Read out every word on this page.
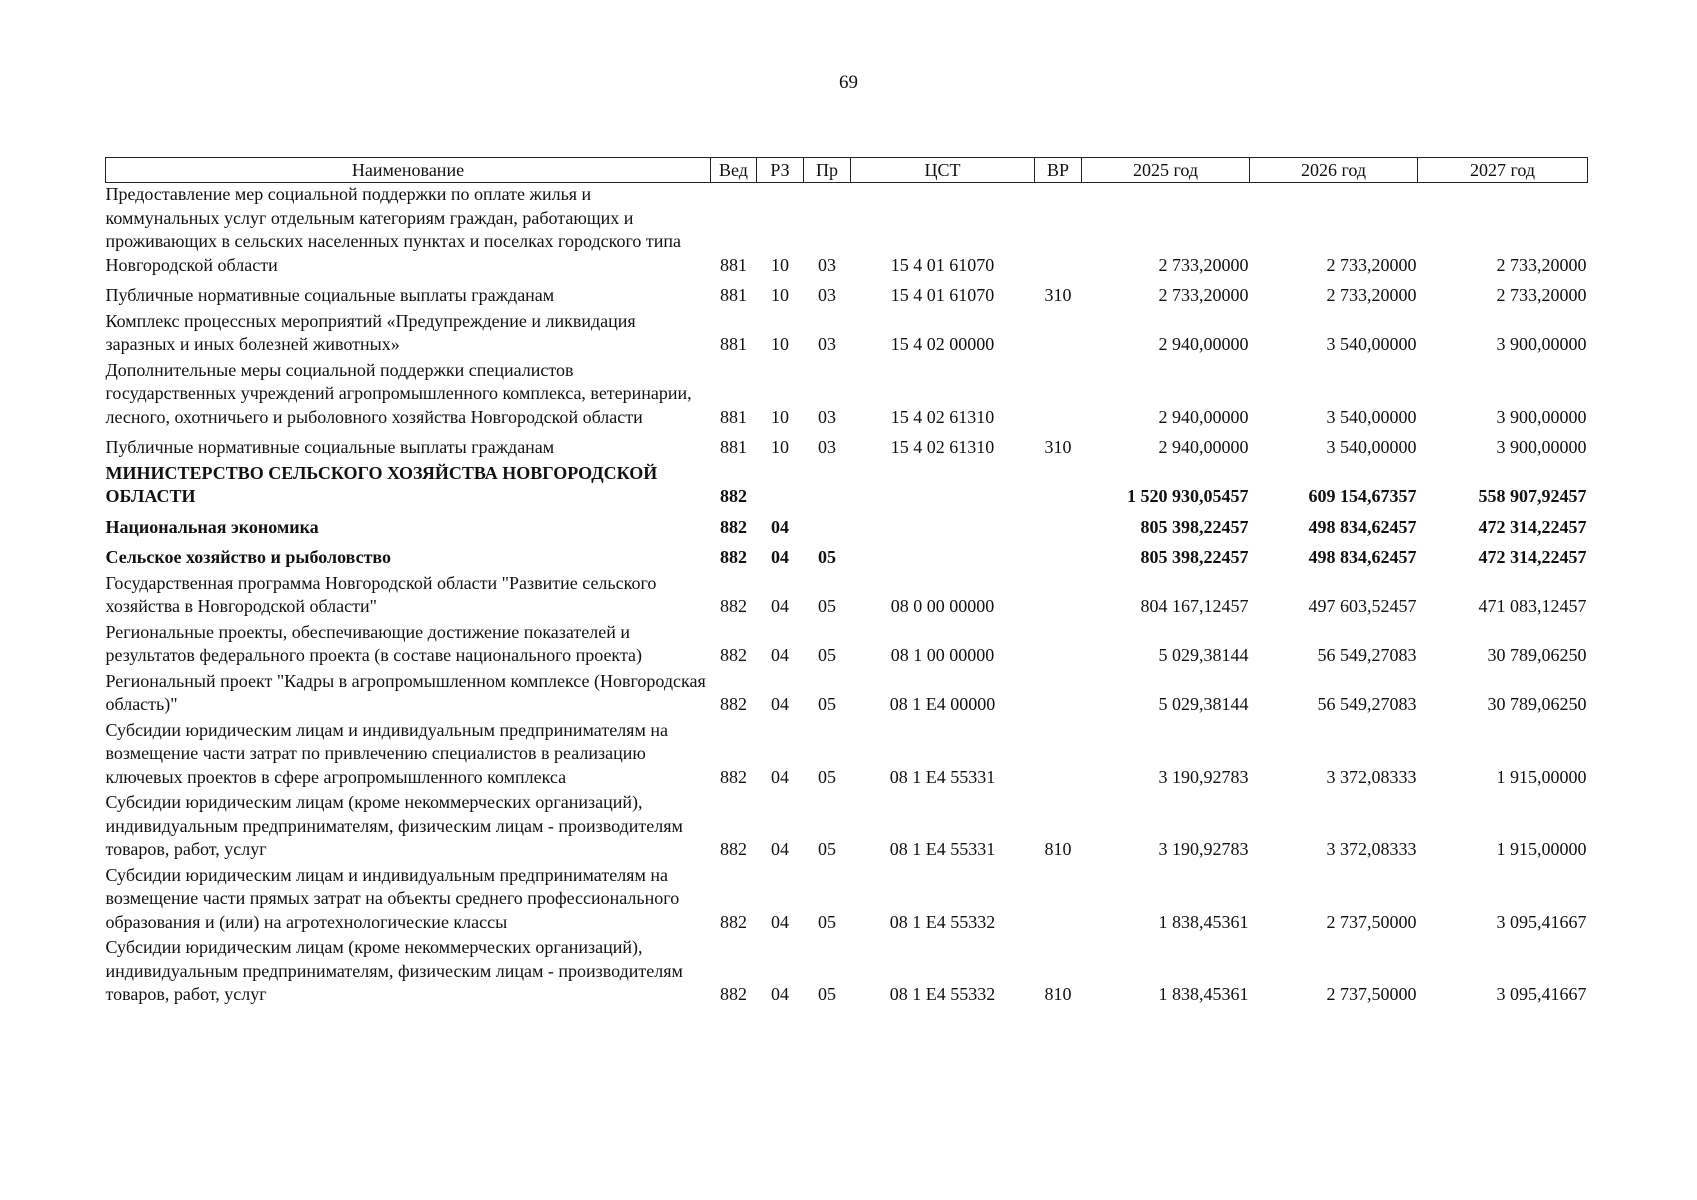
69
Наименование	Вед	РЗ	Пр	ЦСТ	ВР	2025 год	2026 год	2027 год
Предоставление мер социальной поддержки по оплате жилья и коммунальных услуг отдельным категориям граждан, работающих и проживающих в сельских населенных пунктах и поселках городского типа Новгородской области	881	10	03	15 4 01 61070		2 733,20000	2 733,20000	2 733,20000
Публичные нормативные социальные выплаты гражданам	881	10	03	15 4 01 61070	310	2 733,20000	2 733,20000	2 733,20000
Комплекс процессных мероприятий «Предупреждение и ликвидация заразных и иных болезней животных»	881	10	03	15 4 02 00000		2 940,00000	3 540,00000	3 900,00000
Дополнительные меры социальной поддержки специалистов государственных учреждений агропромышленного комплекса, ветеринарии, лесного, охотничьего и рыболовного хозяйства Новгородской области	881	10	03	15 4 02 61310		2 940,00000	3 540,00000	3 900,00000
Публичные нормативные социальные выплаты гражданам	881	10	03	15 4 02 61310	310	2 940,00000	3 540,00000	3 900,00000
МИНИСТЕРСТВО СЕЛЬСКОГО ХОЗЯЙСТВА НОВГОРОДСКОЙ ОБЛАСТИ	882					1 520 930,05457	609 154,67357	558 907,92457
Национальная экономика	882	04				805 398,22457	498 834,62457	472 314,22457
Сельское хозяйство и рыболовство	882	04	05			805 398,22457	498 834,62457	472 314,22457
Государственная программа Новгородской области "Развитие сельского хозяйства в Новгородской области"	882	04	05	08 0 00 00000		804 167,12457	497 603,52457	471 083,12457
Региональные проекты, обеспечивающие достижение показателей и результатов федерального проекта (в составе национального проекта)	882	04	05	08 1 00 00000		5 029,38144	56 549,27083	30 789,06250
Региональный проект "Кадры в агропромышленном комплексе (Новгородская область)"	882	04	05	08 1 Е4 00000		5 029,38144	56 549,27083	30 789,06250
Субсидии юридическим лицам и индивидуальным предпринимателям на возмещение части затрат по привлечению специалистов в реализацию ключевых проектов в сфере агропромышленного комплекса	882	04	05	08 1 Е4 55331		3 190,92783	3 372,08333	1 915,00000
Субсидии юридическим лицам (кроме некоммерческих организаций), индивидуальным предпринимателям, физическим лицам - производителям товаров, работ, услуг	882	04	05	08 1 Е4 55331	810	3 190,92783	3 372,08333	1 915,00000
Субсидии юридическим лицам и индивидуальным предпринимателям на возмещение части прямых затрат на объекты среднего профессионального образования и (или) на агротехнологические классы	882	04	05	08 1 Е4 55332		1 838,45361	2 737,50000	3 095,41667
Субсидии юридическим лицам (кроме некоммерческих организаций), индивидуальным предпринимателям, физическим лицам - производителям товаров, работ, услуг	882	04	05	08 1 Е4 55332	810	1 838,45361	2 737,50000	3 095,41667
